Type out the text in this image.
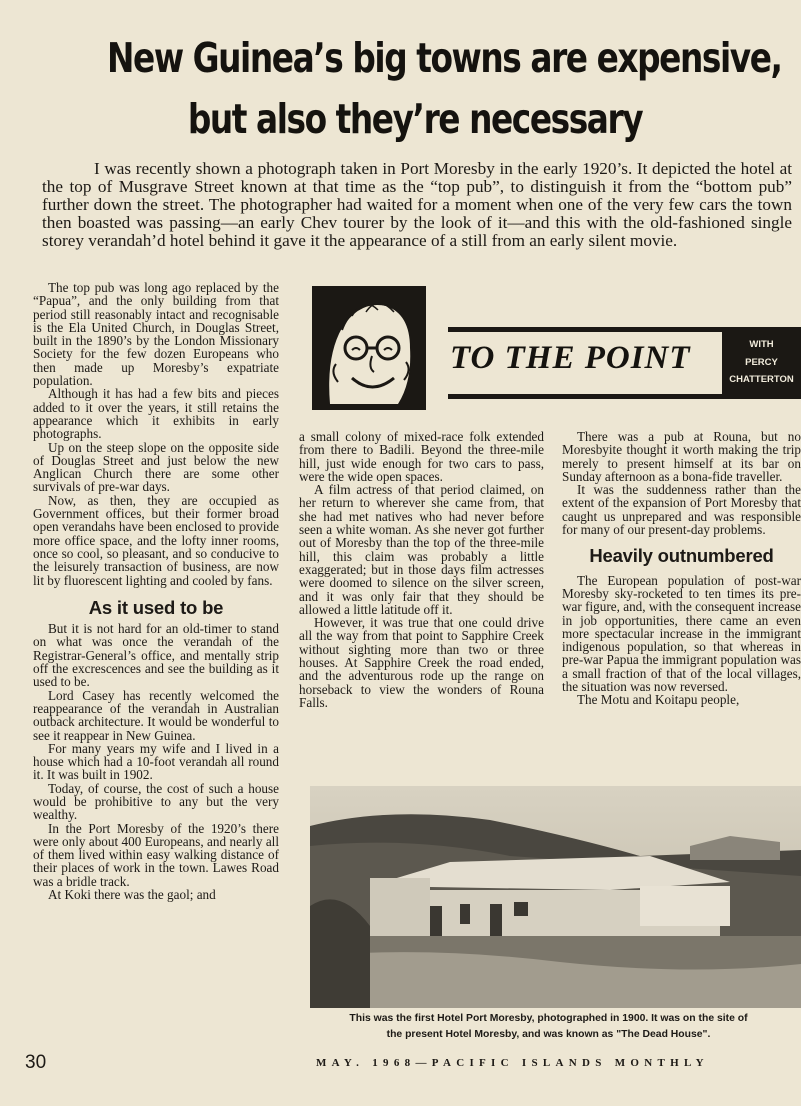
New Guinea’s big towns are expensive,
but also they’re necessary

I was recently shown a photograph taken in Port Moresby in the early 1920’s. It depicted the hotel at the top of Musgrave Street known at that time as the “top pub”, to distinguish it from the “bottom pub” further down the street. The photographer had waited for a moment when one of the very few cars the town then boasted was passing—an early Chev tourer by the look of it—and this with the old-fashioned single storey verandah’d hotel behind it gave it the appearance of a still from an early silent movie.

The top pub was long ago replaced by the “Papua”, and the only building from that period still reasonably intact and recognisable is the Ela United Church, in Douglas Street, built in the 1890’s by the London Missionary Society for the few dozen Europeans who then made up Moresby’s expatriate population.

Although it has had a few bits and pieces added to it over the years, it still retains the appearance which it exhibits in early photographs.

Up on the steep slope on the opposite side of Douglas Street and just below the new Anglican Church there are some other survivals of pre-war days.

Now, as then, they are occupied as Government offices, but their former broad open verandahs have been enclosed to provide more office space, and the lofty inner rooms, once so cool, so pleasant, and so conducive to the leisurely transaction of business, are now lit by fluorescent lighting and cooled by fans.

As it used to be

But it is not hard for an old-timer to stand on what was once the verandah of the Registrar-General’s office, and mentally strip off the excrescences and see the building as it used to be.

Lord Casey has recently welcomed the reappearance of the verandah in Australian outback architecture. It would be wonderful to see it reappear in New Guinea.

For many years my wife and I lived in a house which had a 10-foot verandah all round it. It was built in 1902.

Today, of course, the cost of such a house would be prohibitive to any but the very wealthy.

In the Port Moresby of the 1920’s there were only about 400 Europeans, and nearly all of them lived within easy walking distance of their places of work in the town. Lawes Road was a bridle track.

At Koki there was the gaol; and

TO THE POINT	WITH
PERCY
CHATTERTON

a small colony of mixed-race folk extended from there to Badili. Beyond the three-mile hill, just wide enough for two cars to pass, were the wide open spaces.

A film actress of that period claimed, on her return to wherever she came from, that she had met natives who had never before seen a white woman. As she never got further out of Moresby than the top of the three-mile hill, this claim was probably a little exaggerated; but in those days film actresses were doomed to silence on the silver screen, and it was only fair that they should be allowed a little latitude off it.

However, it was true that one could drive all the way from that point to Sapphire Creek without sighting more than two or three houses. At Sapphire Creek the road ended, and the adventurous rode up the range on horseback to view the wonders of Rouna Falls.

There was a pub at Rouna, but no Moresbyite thought it worth making the trip merely to present himself at its bar on Sunday afternoon as a bona-fide traveller.

It was the suddenness rather than the extent of the expansion of Port Moresby that caught us unprepared and was responsible for many of our present-day problems.

Heavily outnumbered

The European population of post-war Moresby sky-rocketed to ten times its pre-war figure, and, with the consequent increase in job opportunities, there came an even more spectacular increase in the immigrant indigenous population, so that whereas in pre-war Papua the immigrant population was a small fraction of that of the local villages, the situation was now reversed.

The Motu and Koitapu people,

This was the first Hotel Port Moresby, photographed in 1900. It was on the site of
the present Hotel Moresby, and was known as "The Dead House".
30	MAY. 1968—PACIFIC ISLANDS MONTHLY
